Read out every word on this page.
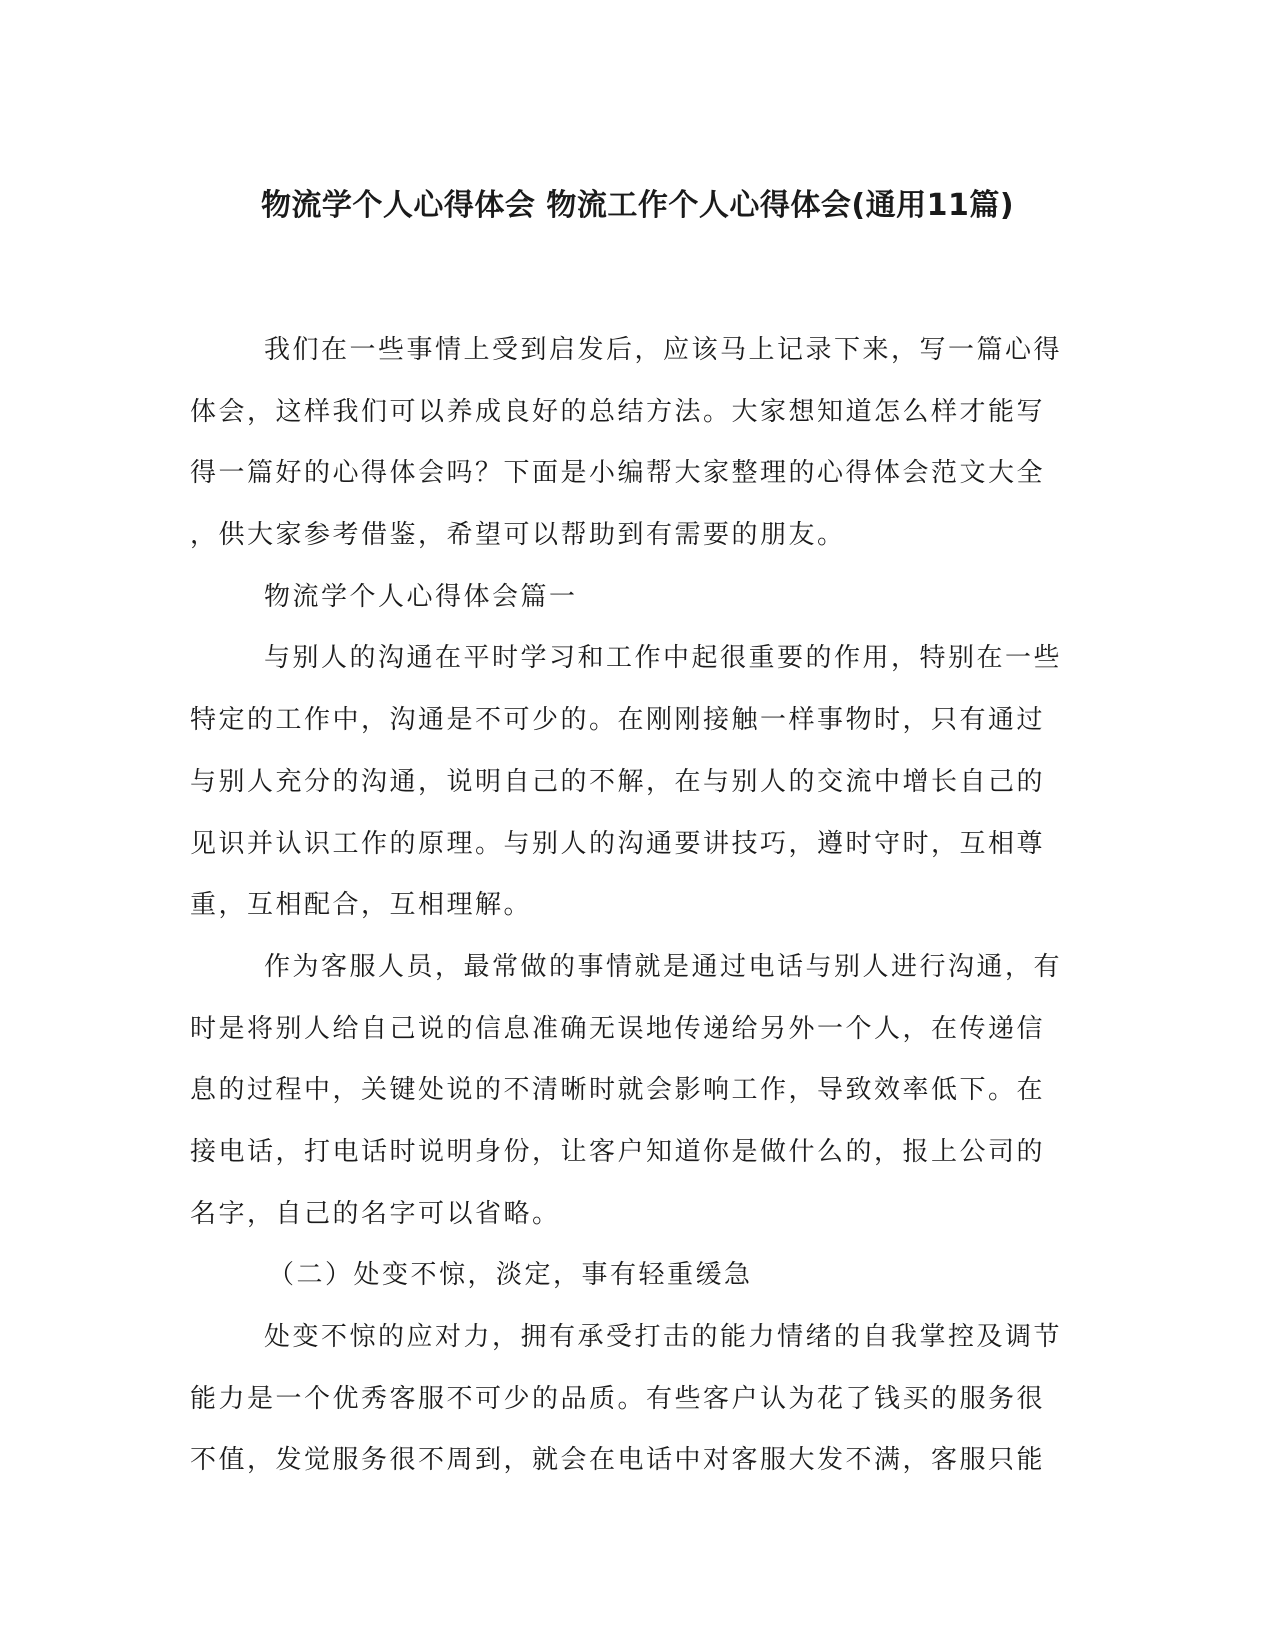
物流学个人心得体会 物流工作个人心得体会(通用11篇)
我们在一些事情上受到启发后，应该马上记录下来，写一篇心得
体会，这样我们可以养成良好的总结方法。大家想知道怎么样才能写
得一篇好的心得体会吗？下面是小编帮大家整理的心得体会范文大全
，供大家参考借鉴，希望可以帮助到有需要的朋友。
物流学个人心得体会篇一
与别人的沟通在平时学习和工作中起很重要的作用，特别在一些
特定的工作中，沟通是不可少的。在刚刚接触一样事物时，只有通过
与别人充分的沟通，说明自己的不解，在与别人的交流中增长自己的
见识并认识工作的原理。与别人的沟通要讲技巧，遵时守时，互相尊
重，互相配合，互相理解。
作为客服人员，最常做的事情就是通过电话与别人进行沟通，有
时是将别人给自己说的信息准确无误地传递给另外一个人，在传递信
息的过程中，关键处说的不清晰时就会影响工作，导致效率低下。在
接电话，打电话时说明身份，让客户知道你是做什么的，报上公司的
名字，自己的名字可以省略。
（二）处变不惊，淡定，事有轻重缓急
处变不惊的应对力，拥有承受打击的能力情绪的自我掌控及调节
能力是一个优秀客服不可少的品质。有些客户认为花了钱买的服务很
不值，发觉服务很不周到，就会在电话中对客服大发不满，客服只能
